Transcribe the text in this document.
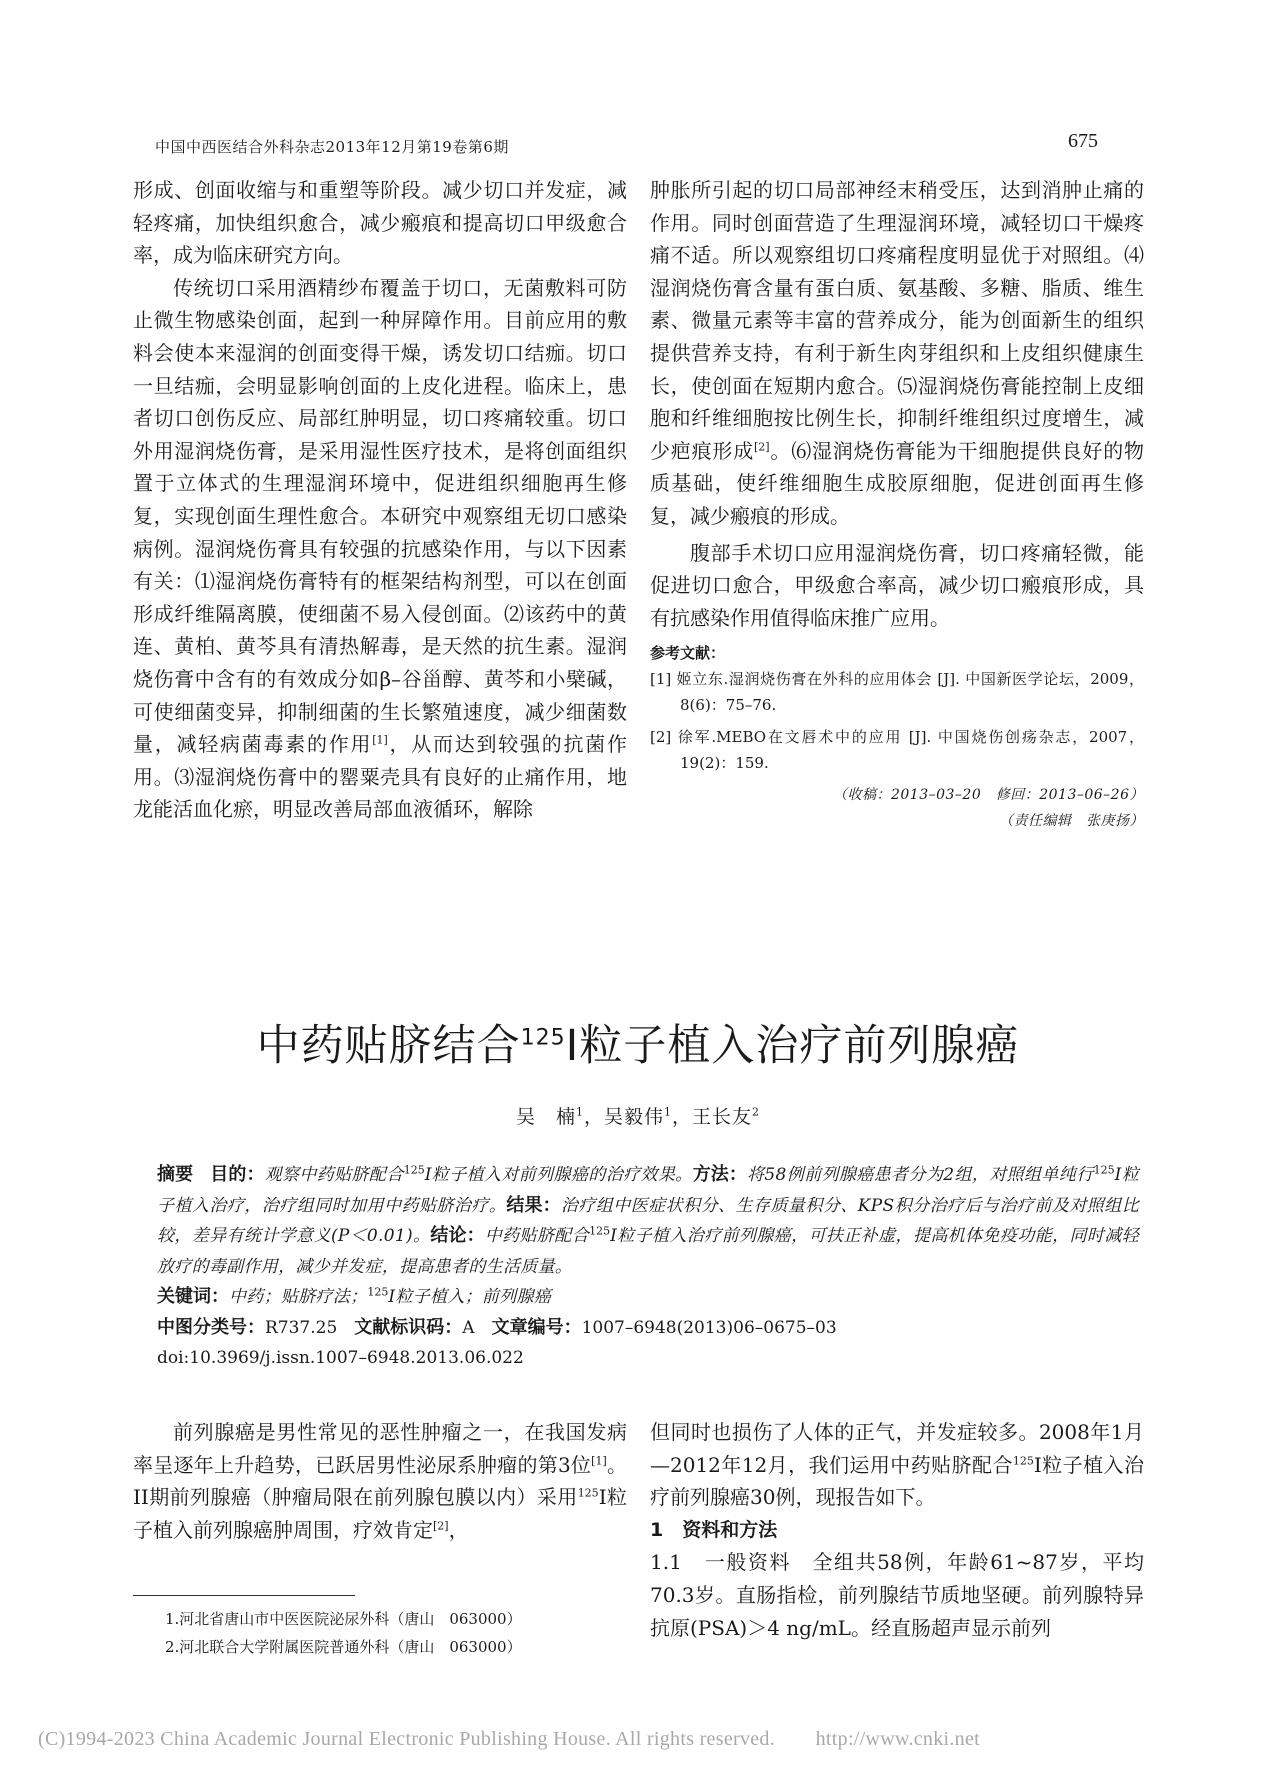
中国中西医结合外科杂志2013年12月第19卷第6期	675

形成、创面收缩与和重塑等阶段。减少切口并发症，减轻疼痛，加快组织愈合，减少瘢痕和提高切口甲级愈合率，成为临床研究方向。

传统切口采用酒精纱布覆盖于切口，无菌敷料可防止微生物感染创面，起到一种屏障作用。目前应用的敷料会使本来湿润的创面变得干燥，诱发切口结痂。切口一旦结痂，会明显影响创面的上皮化进程。临床上，患者切口创伤反应、局部红肿明显，切口疼痛较重。切口外用湿润烧伤膏，是采用湿性医疗技术，是将创面组织置于立体式的生理湿润环境中，促进组织细胞再生修复，实现创面生理性愈合。本研究中观察组无切口感染病例。湿润烧伤膏具有较强的抗感染作用，与以下因素有关：⑴湿润烧伤膏特有的框架结构剂型，可以在创面形成纤维隔离膜，使细菌不易入侵创面。⑵该药中的黄连、黄柏、黄芩具有清热解毒，是天然的抗生素。湿润烧伤膏中含有的有效成分如β–谷甾醇、黄芩和小檗碱，可使细菌变异，抑制细菌的生长繁殖速度，减少细菌数量，减轻病菌毒素的作用[1]，从而达到较强的抗菌作用。⑶湿润烧伤膏中的罂粟壳具有良好的止痛作用，地龙能活血化瘀，明显改善局部血液循环，解除

肿胀所引起的切口局部神经末稍受压，达到消肿止痛的作用。同时创面营造了生理湿润环境，减轻切口干燥疼痛不适。所以观察组切口疼痛程度明显优于对照组。⑷湿润烧伤膏含量有蛋白质、氨基酸、多糖、脂质、维生素、微量元素等丰富的营养成分，能为创面新生的组织提供营养支持，有利于新生肉芽组织和上皮组织健康生长，使创面在短期内愈合。⑸湿润烧伤膏能控制上皮细胞和纤维细胞按比例生长，抑制纤维组织过度增生，减少疤痕形成[2]。⑹湿润烧伤膏能为干细胞提供良好的物质基础，使纤维细胞生成胶原细胞，促进创面再生修复，减少瘢痕的形成。

腹部手术切口应用湿润烧伤膏，切口疼痛轻微，能促进切口愈合，甲级愈合率高，减少切口瘢痕形成，具有抗感染作用值得临床推广应用。

参考文献：
[1] 姬立东.湿润烧伤膏在外科的应用体会 [J]. 中国新医学论坛，2009，8(6)：75–76.
[2] 徐军.MEBO在文唇术中的应用 [J]. 中国烧伤创疡杂志，2007，19(2)：159.
（收稿：2013–03–20　修回：2013–06–26）
（责任编辑　张庚扬）
中药贴脐结合$^{125}$I粒子植入治疗前列腺癌
吴　楠$^1$，吴毅伟$^1$，王长友$^2$

摘要　 目的：观察中药贴脐配合$^{125}$I粒子植入对前列腺癌的治疗效果。方法：将58例前列腺癌患者分为2组，对照组单纯行$^{125}$I粒子植入治疗，治疗组同时加用中药贴脐治疗。结果：治疗组中医症状积分、生存质量积分、KPS积分治疗后与治疗前及对照组比较，差异有统计学意义(P＜0.01)。结论：中药贴脐配合$^{125}$I粒子植入治疗前列腺癌，可扶正补虚，提高机体免疫功能，同时减轻放疗的毒副作用，减少并发症，提高患者的生活质量。

关键词：中药；贴脐疗法；$^{125}$I粒子植入；前列腺癌

中图分类号：R737.25　 文献标识码：A　 文章编号：1007–6948(2013)06–0675–03

doi:10.3969/j.issn.1007–6948.2013.06.022

前列腺癌是男性常见的恶性肿瘤之一，在我国发病率呈逐年上升趋势，已跃居男性泌尿系肿瘤的第3位[1]。II期前列腺癌（肿瘤局限在前列腺包膜以内）采用$^{125}$I粒子植入前列腺癌肿周围，疗效肯定[2]，

但同时也损伤了人体的正气，并发症较多。2008年1月—2012年12月，我们运用中药贴脐配合$^{125}$I粒子植入治疗前列腺癌30例，现报告如下。

1　资料和方法

1.1　一般资料　 全组共58例，年龄61~87岁，平均70.3岁。直肠指检，前列腺结节质地坚硬。前列腺特异抗原(PSA)＞4 ng/mL。经直肠超声显示前列

1.河北省唐山市中医医院泌尿外科（唐山　063000）
2.河北联合大学附属医院普通外科（唐山　063000）
(C)1994-2023 China Academic Journal Electronic Publishing House. All rights reserved.　　http://www.cnki.net
